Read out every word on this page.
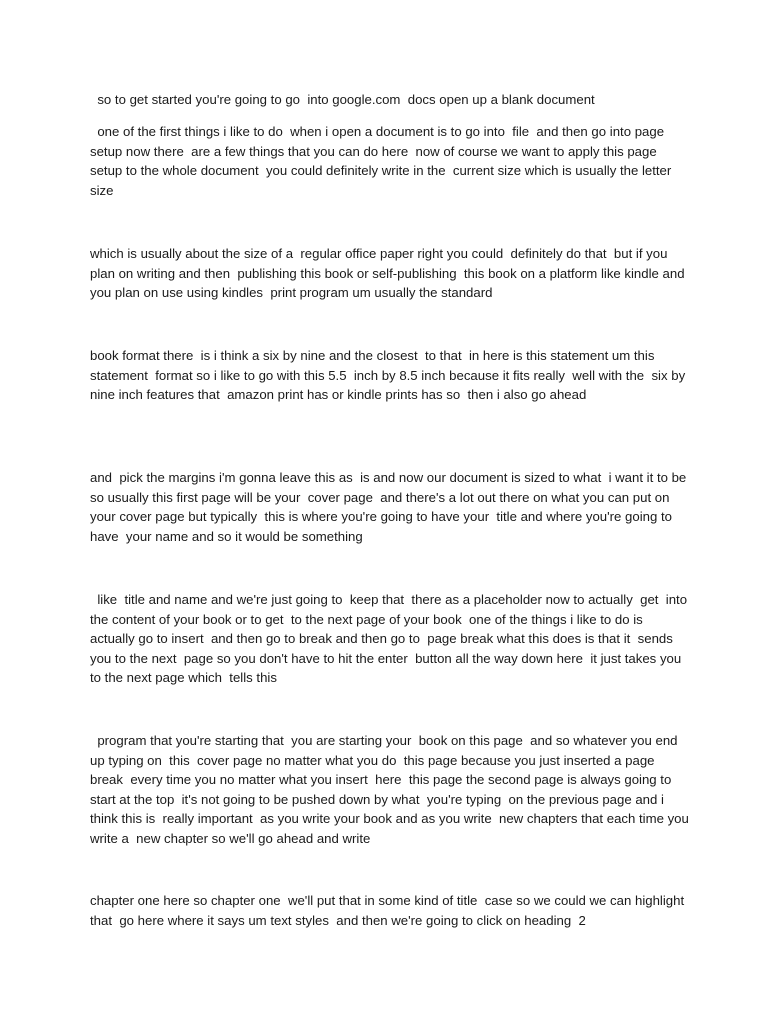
so to get started you're going to go  into google.com  docs open up a blank document

one of the first things i like to do  when i open a document is to go into  file  and then go into page setup now there  are a few things that you can do here  now of course we want to apply this page  setup to the whole document  you could definitely write in the  current size which is usually the letter  size

which is usually about the size of a  regular office paper right you could  definitely do that  but if you plan on writing and then  publishing this book or self-publishing  this book on a platform like kindle and you plan on use using kindles  print program um usually the standard

book format there  is i think a six by nine and the closest  to that  in here is this statement um this  statement  format so i like to go with this 5.5  inch by 8.5 inch because it fits really  well with the  six by nine inch features that  amazon print has or kindle prints has so  then i also go ahead

and  pick the margins i'm gonna leave this as  is and now our document is sized to what  i want it to be  so usually this first page will be your  cover page  and there's a lot out there on what you can put on your cover page but typically  this is where you're going to have your  title and where you're going to have  your name and so it would be something

like  title and name and we're just going to  keep that  there as a placeholder now to actually  get  into the content of your book or to get  to the next page of your book  one of the things i like to do is  actually go to insert  and then go to break and then go to  page break what this does is that it  sends you to the next  page so you don't have to hit the enter  button all the way down here  it just takes you to the next page which  tells this

program that you're starting that  you are starting your  book on this page  and so whatever you end up typing on  this  cover page no matter what you do  this page because you just inserted a page break  every time you no matter what you insert  here  this page the second page is always going to start at the top  it's not going to be pushed down by what  you're typing  on the previous page and i think this is  really important  as you write your book and as you write  new chapters that each time you write a  new chapter so we'll go ahead and write

chapter one here so chapter one  we'll put that in some kind of title  case so we could we can highlight that  go here where it says um text styles  and then we're going to click on heading  2
